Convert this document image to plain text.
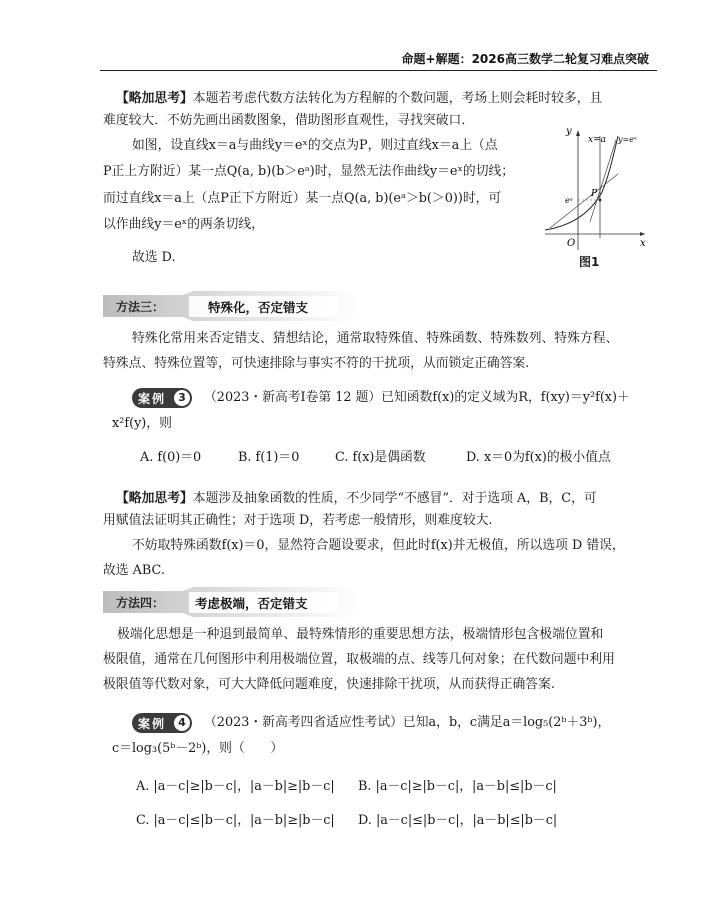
命题+解题：2026高三数学二轮复习难点突破
【略加思考】本题若考虑代数方法转化为方程解的个数问题，考场上则会耗时较多，且
难度较大．不妨先画出函数图象，借助图形直观性，寻找突破口．
如图，设直线x＝a与曲线y＝eˣ的交点为P，则过直线x＝a上（点
P正上方附近）某一点Q(a, b)(b＞eᵃ)时，显然无法作曲线y＝eˣ的切线；
而过直线x＝a上（点P正下方附近）某一点Q(a, b)(eᵃ＞b(＞0))时，可
以作曲线y＝eˣ的两条切线，
故选 D.
y
x
O
x=a y=eˣ
eᵃ
P
图1
方法三：	特殊化，否定错支
特殊化常用来否定错支、猜想结论，通常取特殊值、特殊函数、特殊数列、特殊方程、
特殊点、特殊位置等，可快速排除与事实不符的干扰项，从而锁定正确答案.
案例	3	（2023・新高考Ⅰ卷第 12 题）已知函数f(x)的定义域为R，f(xy)＝y²f(x)＋
x²f(y)，则
A. f(0)＝0	B. f(1)＝0	C. f(x)是偶函数	D. x＝0为f(x)的极小值点
【略加思考】本题涉及抽象函数的性质，不少同学“不感冒”．对于选项 A，B，C，可
用赋值法证明其正确性；对于选项 D，若考虑一般情形，则难度较大.
不妨取特殊函数f(x)＝0，显然符合题设要求，但此时f(x)并无极值，所以选项 D 错误，
故选 ABC.
方法四： 考虑极端，否定错支
极端化思想是一种退到最简单、最特殊情形的重要思想方法，极端情形包含极端位置和
极限值，通常在几何图形中利用极端位置，取极端的点、线等几何对象；在代数问题中利用
极限值等代数对象，可大大降低问题难度，快速排除干扰项，从而获得正确答案.
案例	4	（2023・新高考四省适应性考试）已知a，b，c满足a＝log₅(2ᵇ＋3ᵇ)，
c＝log₃(5ᵇ－2ᵇ)，则（　　）
A. |a－c|≥|b－c|，|a－b|≥|b－c| B. |a－c|≥|b－c|，|a－b|≤|b－c|
C. |a－c|≤|b－c|，|a－b|≥|b－c| D. |a－c|≤|b－c|，|a－b|≤|b－c|
